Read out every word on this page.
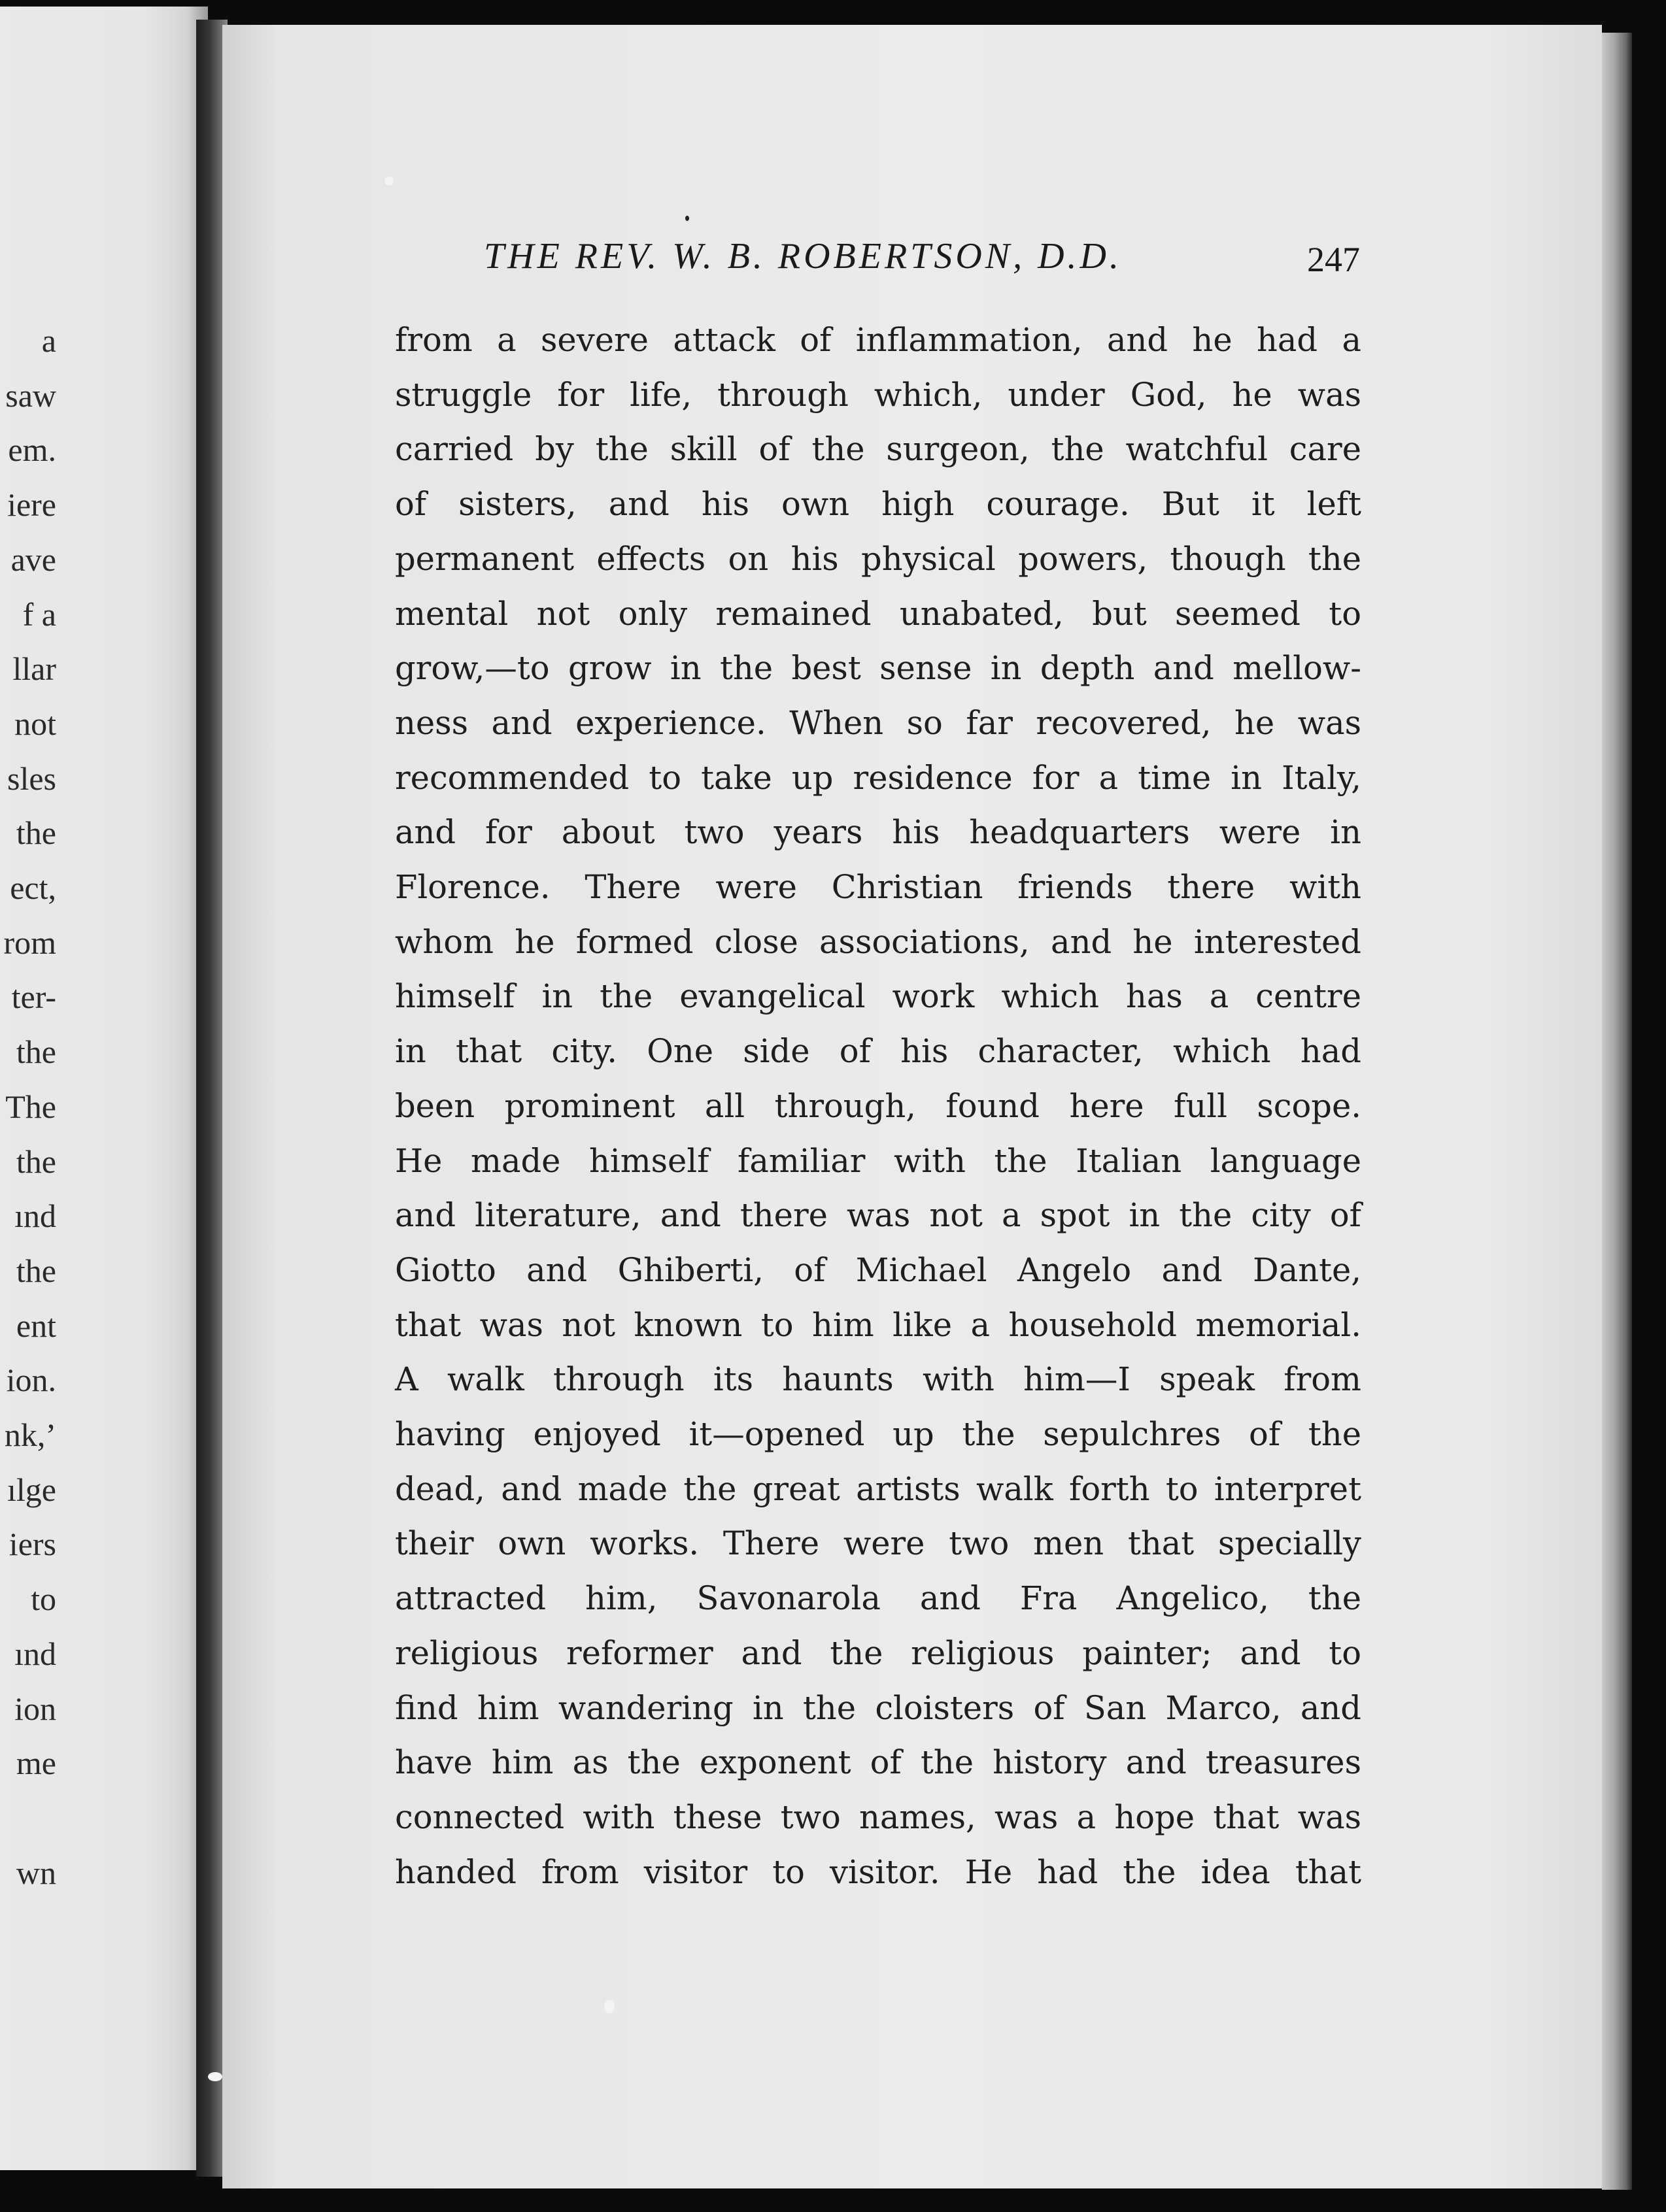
a
saw
em.
iere
ave
f a
llar
not
sles
the
ect,
rom
ter-
the
The
the
ınd
the
ent
ion.
nk,’
ılge
iers
to
ınd
ion
me
wn
THE REV. W. B. ROBERTSON, D.D.	247
from a severe attack of inflammation, and he had a
struggle for life, through which, under God, he was
carried by the skill of the surgeon, the watchful care
of sisters, and his own high courage. But it left
permanent effects on his physical powers, though the
mental not only remained unabated, but seemed to
grow,—to grow in the best sense in depth and mellow-
ness and experience. When so far recovered, he was
recommended to take up residence for a time in Italy,
and for about two years his headquarters were in
Florence. There were Christian friends there with
whom he formed close associations, and he interested
himself in the evangelical work which has a centre
in that city. One side of his character, which had
been prominent all through, found here full scope.
He made himself familiar with the Italian language
and literature, and there was not a spot in the city of
Giotto and Ghiberti, of Michael Angelo and Dante,
that was not known to him like a household memorial.
A walk through its haunts with him—I speak from
having enjoyed it—opened up the sepulchres of the
dead, and made the great artists walk forth to interpret
their own works. There were two men that specially
attracted him, Savonarola and Fra Angelico, the
religious reformer and the religious painter; and to
find him wandering in the cloisters of San Marco, and
have him as the exponent of the history and treasures
connected with these two names, was a hope that was
handed from visitor to visitor. He had the idea that
